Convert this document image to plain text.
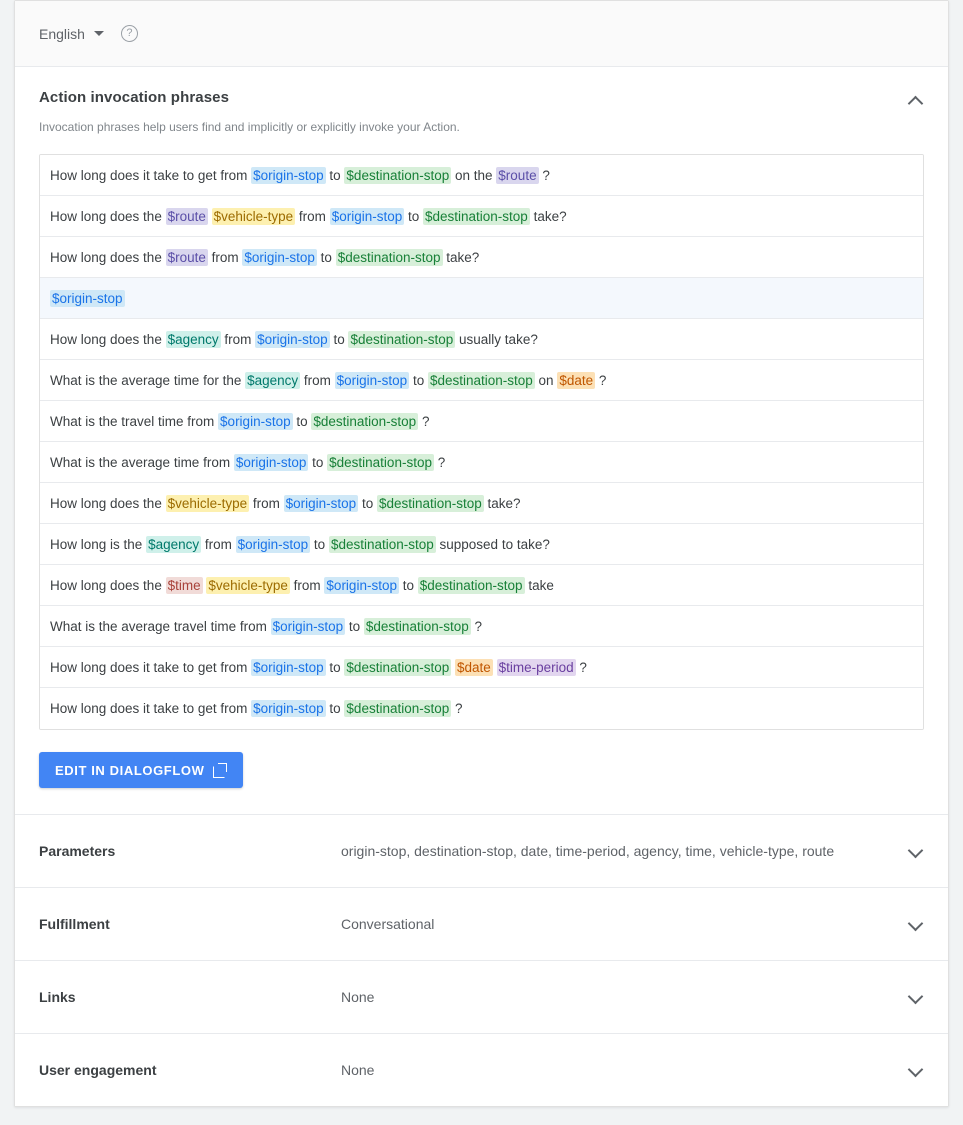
English	?
Action invocation phrases
Invocation phrases help users find and implicitly or explicitly invoke your Action.
How long does it take to get from $origin-stop to $destination-stop on the $route ?
How long does the $route
$vehicle-type from $origin-stop to $destination-stop take?
How long does the $route from $origin-stop to $destination-stop take?
$origin-stop
How long does the $agency from $origin-stop to $destination-stop usually take?
What is the average time for the $agency from $origin-stop to $destination-stop on $date ?
What is the travel time from $origin-stop to $destination-stop ?
What is the average time from $origin-stop to $destination-stop ?
How long does the $vehicle-type from $origin-stop to $destination-stop take?
How long is the $agency from $origin-stop to $destination-stop supposed to take?
How long does the $time
$vehicle-type from $origin-stop to $destination-stop take
What is the average travel time from $origin-stop to $destination-stop ?
How long does it take to get from $origin-stop to $destination-stop
$date
$time-period ?
How long does it take to get from $origin-stop to $destination-stop ?
EDIT IN DIALOGFLOW
Parameters	origin-stop, destination-stop, date, time-period, agency, time, vehicle-type, route
Fulfillment	Conversational
Links	None
User engagement	None
